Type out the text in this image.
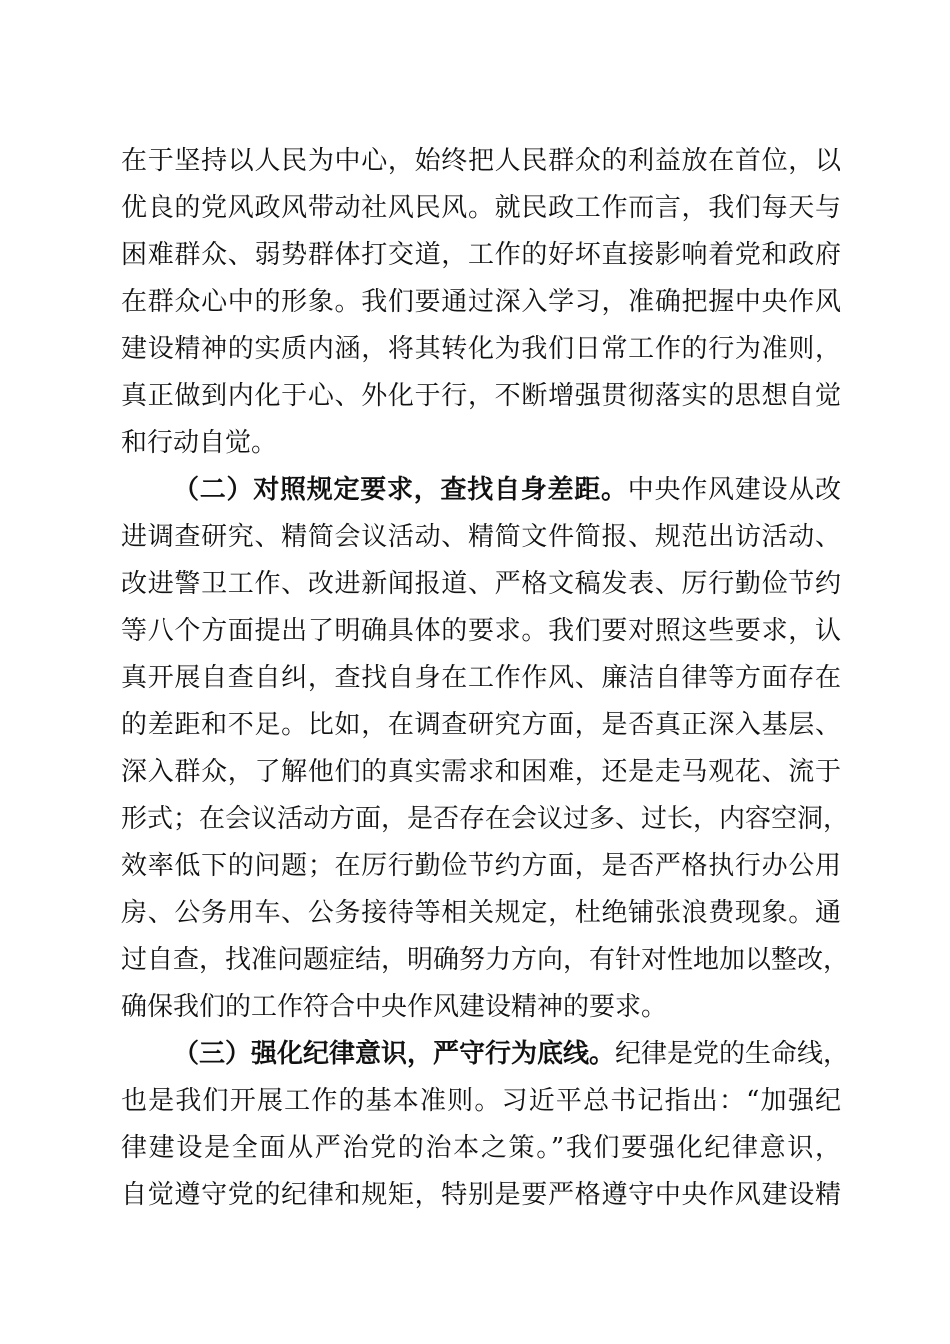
在于坚持以人民为中心，始终把人民群众的利益放在首位，以
优良的党风政风带动社风民风。就民政工作而言，我们每天与
困难群众、弱势群体打交道，工作的好坏直接影响着党和政府
在群众心中的形象。我们要通过深入学习，准确把握中央作风
建设精神的实质内涵，将其转化为我们日常工作的行为准则，
真正做到内化于心、外化于行，不断增强贯彻落实的思想自觉
和行动自觉。
（二）对照规定要求，查找自身差距。中央作风建设从改
进调查研究、精简会议活动、精简文件简报、规范出访活动、
改进警卫工作、改进新闻报道、严格文稿发表、厉行勤俭节约
等八个方面提出了明确具体的要求。我们要对照这些要求，认
真开展自查自纠，查找自身在工作作风、廉洁自律等方面存在
的差距和不足。比如，在调查研究方面，是否真正深入基层、
深入群众，了解他们的真实需求和困难，还是走马观花、流于
形式；在会议活动方面，是否存在会议过多、过长，内容空洞，
效率低下的问题；在厉行勤俭节约方面，是否严格执行办公用
房、公务用车、公务接待等相关规定，杜绝铺张浪费现象。通
过自查，找准问题症结，明确努力方向，有针对性地加以整改，
确保我们的工作符合中央作风建设精神的要求。
（三）强化纪律意识，严守行为底线。纪律是党的生命线，
也是我们开展工作的基本准则。习近平总书记指出：“加强纪
律建设是全面从严治党的治本之策。”我们要强化纪律意识，
自觉遵守党的纪律和规矩，特别是要严格遵守中央作风建设精
